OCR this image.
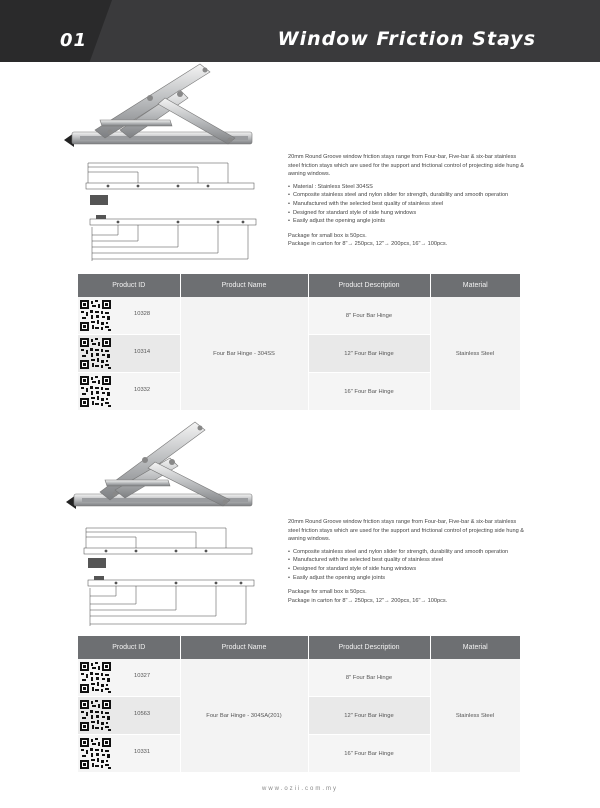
01	Window Friction Stays

20mm Round Groove window friction stays range from Four-bar, Five-bar & six-bar stainless steel friction stays which are used for the support and frictional control of projecting side hung & awning windows.

• Material : Stainless Steel 304SS
• Composite stainless steel and nylon slider for strength, durability and smooth operation
• Manufactured with the selected best quality of stainless steel
• Designed for standard style of side hung windows
• Easily adjust the opening angle joints

Package for small box is 50pcs.

Package in carton for 8"→ 250pcs, 12"→ 200pcs, 16"→ 100pcs.

Product ID	Product Name	Product Description	Material

10328	Four Bar Hinge - 304SS	8" Four Bar Hinge	Stainless Steel

10314		12" Four Bar Hinge	

10332		16" Four Bar Hinge	

20mm Round Groove window friction stays range from Four-bar, Five-bar & six-bar stainless steel friction stays which are used for the support and frictional control of projecting side hung & awning windows.

• Composite stainless steel and nylon slider for strength, durability and smooth operation
• Manufactured with the selected best quality of stainless steel
• Designed for standard style of side hung windows
• Easily adjust the opening angle joints

Package for small box is 50pcs.

Package in carton for 8"→ 250pcs, 12"→ 200pcs, 16"→ 100pcs.

Product ID	Product Name	Product Description	Material

10327	Four Bar Hinge - 304SA(201)	8" Four Bar Hinge	Stainless Steel

10563		12" Four Bar Hinge	

10331		16" Four Bar Hinge	
www.ozii.com.my
